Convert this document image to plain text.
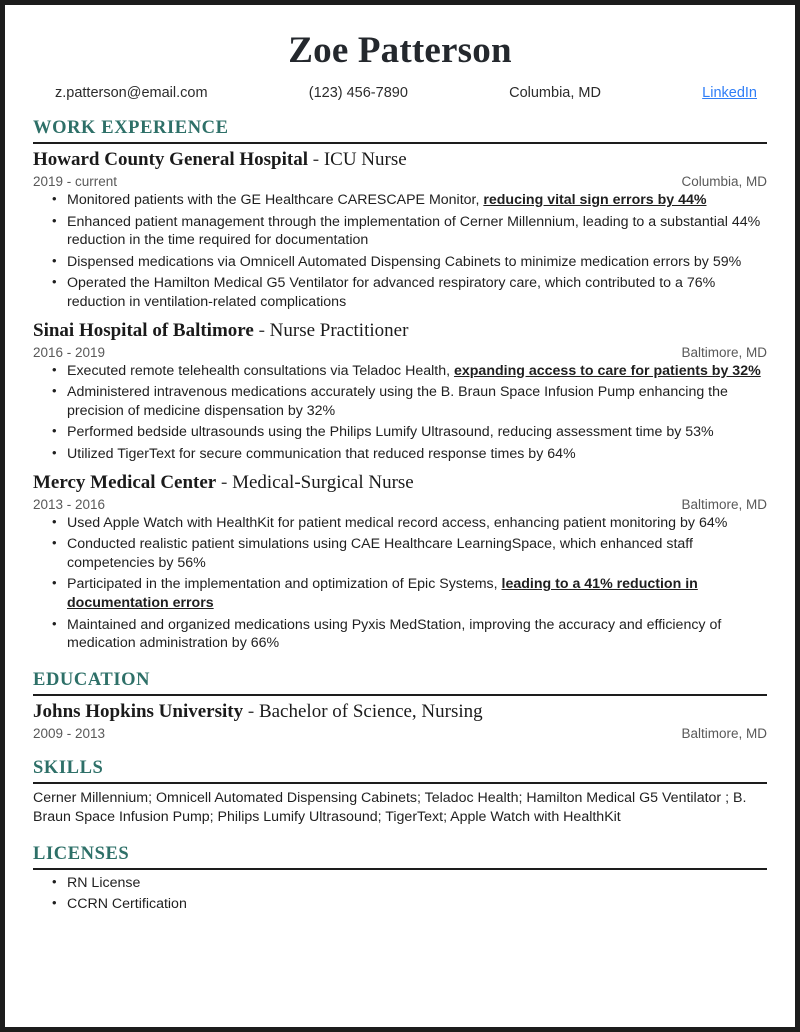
Zoe Patterson
z.patterson@email.com	(123) 456-7890	Columbia, MD	LinkedIn
WORK EXPERIENCE
Howard County General Hospital - ICU Nurse
2019 - current	Columbia, MD
• Monitored patients with the GE Healthcare CARESCAPE Monitor, reducing vital sign errors by 44%
• Enhanced patient management through the implementation of Cerner Millennium, leading to a substantial 44% reduction in the time required for documentation
• Dispensed medications via Omnicell Automated Dispensing Cabinets to minimize medication errors by 59%
• Operated the Hamilton Medical G5 Ventilator for advanced respiratory care, which contributed to a 76% reduction in ventilation-related complications
Sinai Hospital of Baltimore - Nurse Practitioner
2016 - 2019	Baltimore, MD
• Executed remote telehealth consultations via Teladoc Health, expanding access to care for patients by 32%
• Administered intravenous medications accurately using the B. Braun Space Infusion Pump enhancing the precision of medicine dispensation by 32%
• Performed bedside ultrasounds using the Philips Lumify Ultrasound, reducing assessment time by 53%
• Utilized TigerText for secure communication that reduced response times by 64%
Mercy Medical Center - Medical-Surgical Nurse
2013 - 2016	Baltimore, MD
• Used Apple Watch with HealthKit for patient medical record access, enhancing patient monitoring by 64%
• Conducted realistic patient simulations using CAE Healthcare LearningSpace, which enhanced staff competencies by 56%
• Participated in the implementation and optimization of Epic Systems, leading to a 41% reduction in documentation errors
• Maintained and organized medications using Pyxis MedStation, improving the accuracy and efficiency of medication administration by 66%
EDUCATION
Johns Hopkins University - Bachelor of Science, Nursing
2009 - 2013	Baltimore, MD
SKILLS
Cerner Millennium; Omnicell Automated Dispensing Cabinets; Teladoc Health; Hamilton Medical G5 Ventilator ; B. Braun Space Infusion Pump; Philips Lumify Ultrasound; TigerText; Apple Watch with HealthKit
LICENSES
• RN License
• CCRN Certification
